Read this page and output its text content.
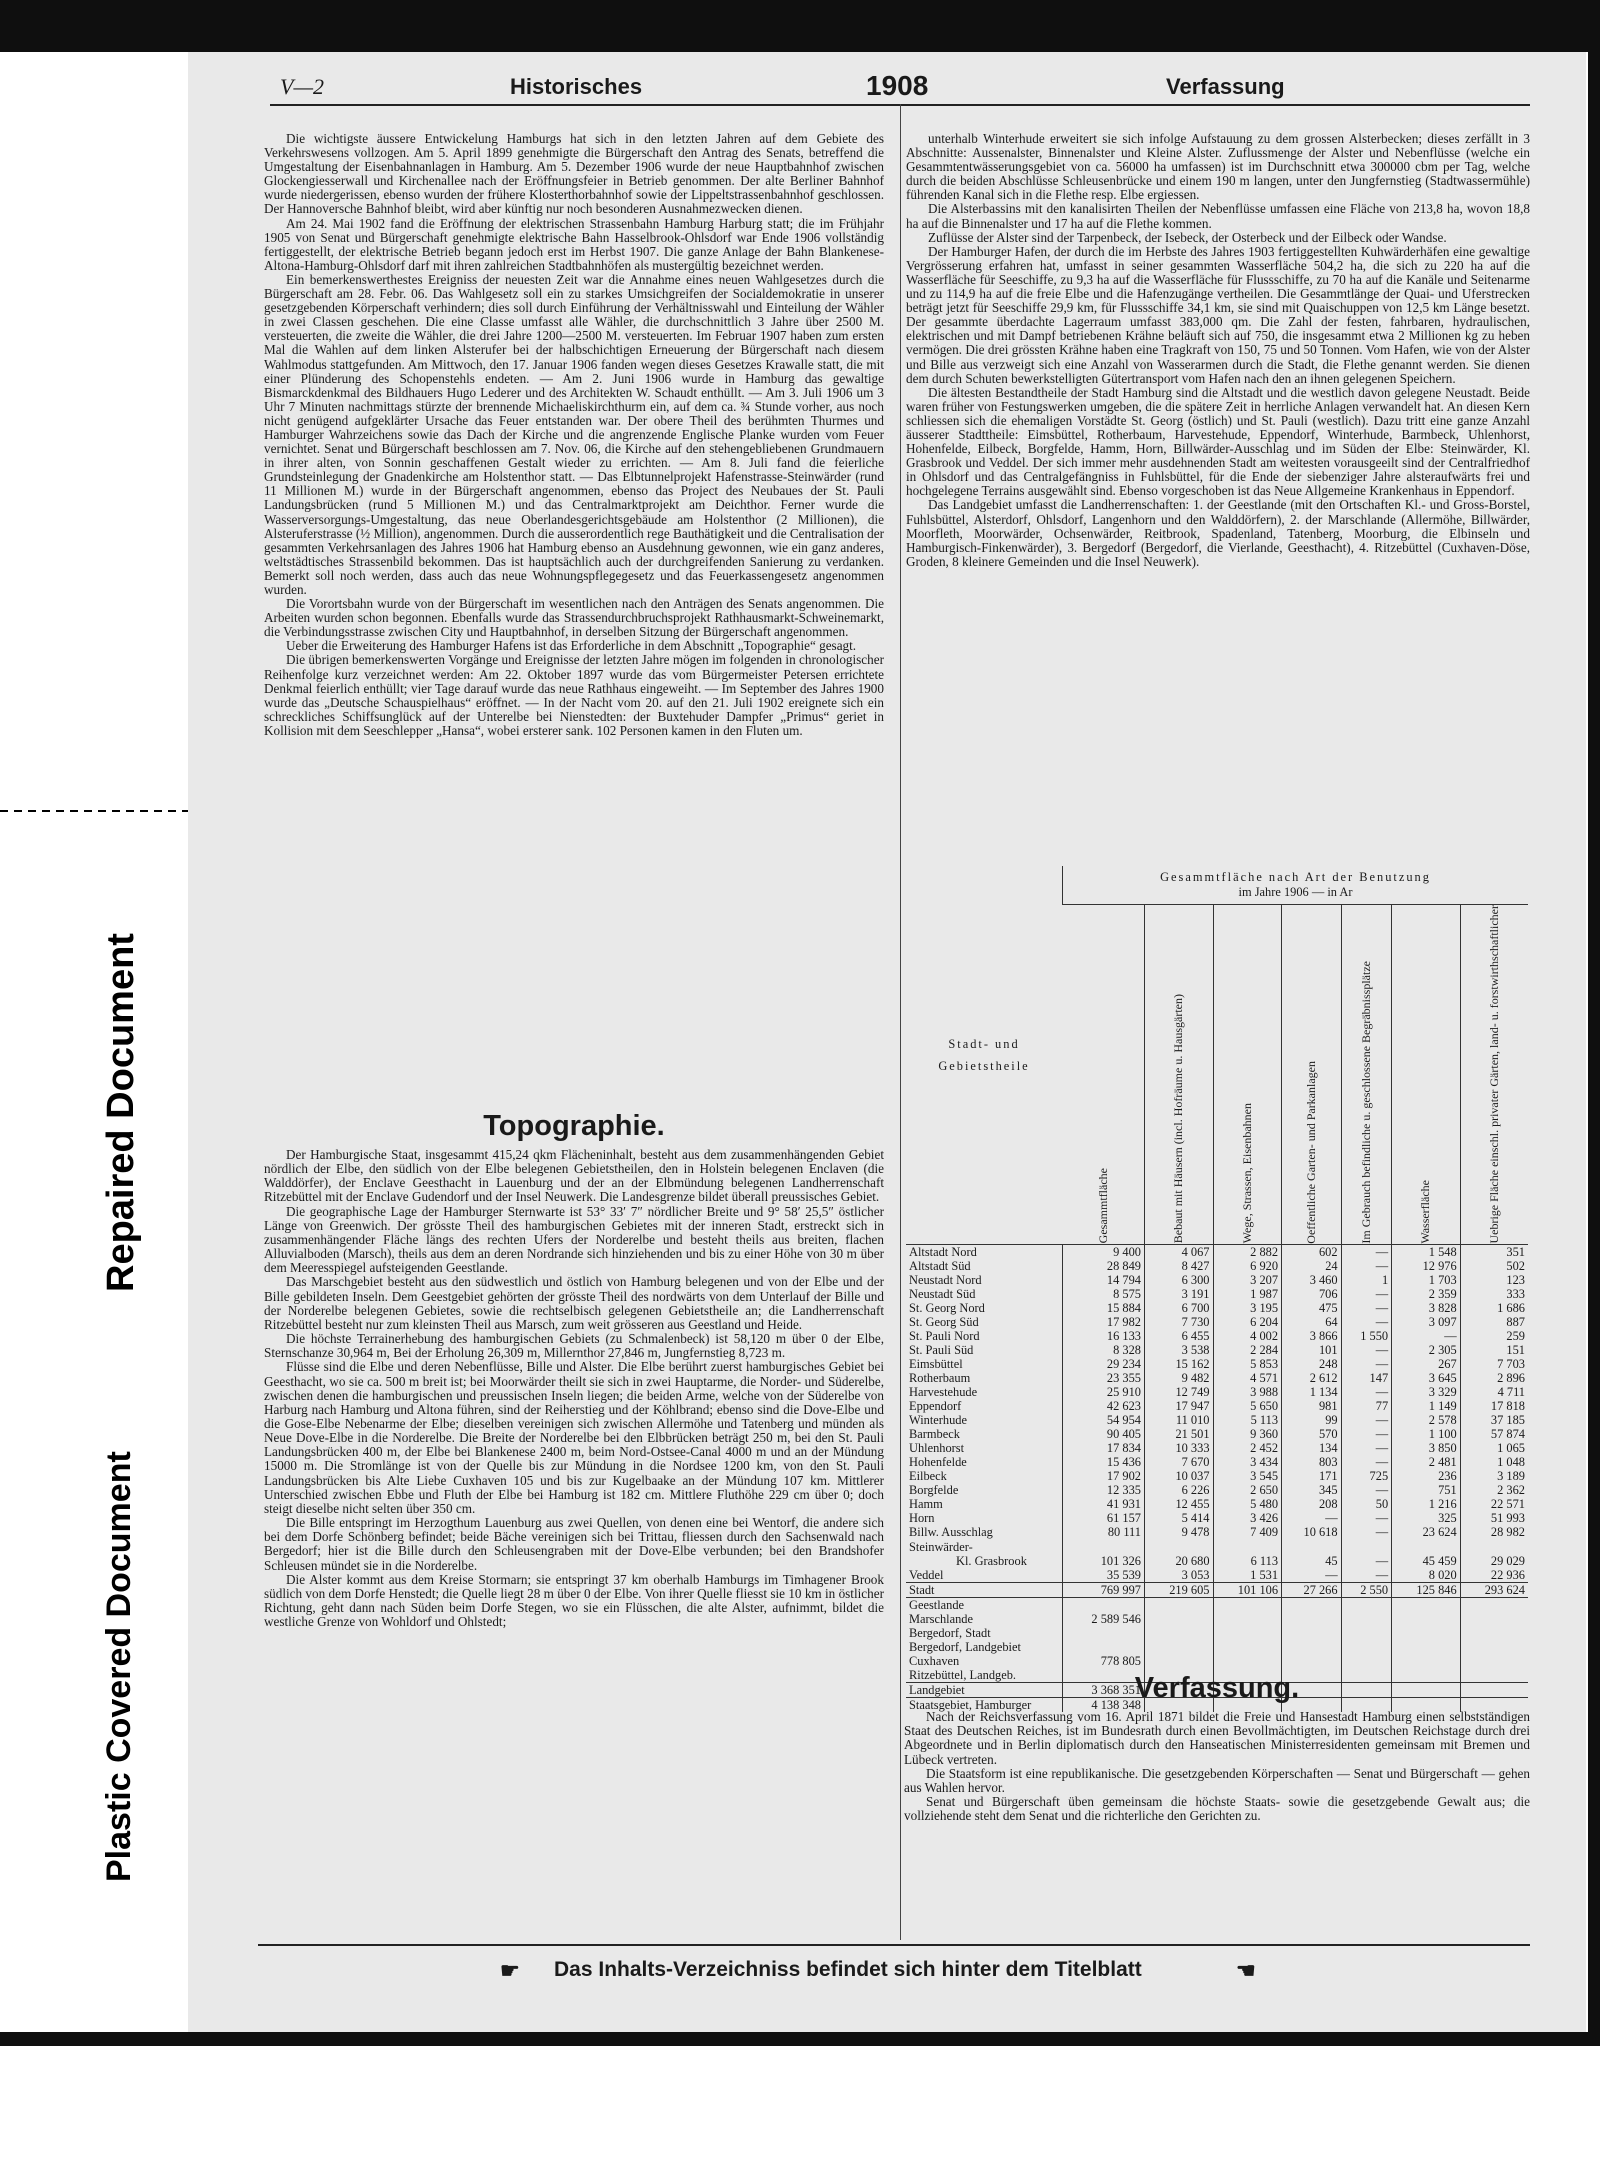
Repaired Document
Plastic Covered Document
V—2	Historisches	1908	Verfassung

Die wichtigste äussere Entwickelung Hamburgs hat sich in den letzten Jahren auf dem Gebiete des Verkehrswesens vollzogen. Am 5. April 1899 genehmigte die Bürgerschaft den Antrag des Senats, betreffend die Umgestaltung der Eisenbahnanlagen in Hamburg. Am 5. Dezember 1906 wurde der neue Hauptbahnhof zwischen Glockengiesserwall und Kirchenallee nach der Eröffnungsfeier in Betrieb genommen. Der alte Berliner Bahnhof wurde niedergerissen, ebenso wurden der frühere Klosterthorbahnhof sowie der Lippeltstrassenbahnhof geschlossen. Der Hannoversche Bahnhof bleibt, wird aber künftig nur noch besonderen Ausnahmezwecken dienen.

Am 24. Mai 1902 fand die Eröffnung der elektrischen Strassenbahn Hamburg Harburg statt; die im Frühjahr 1905 von Senat und Bürgerschaft genehmigte elektrische Bahn Hasselbrook-Ohlsdorf war Ende 1906 vollständig fertiggestellt, der elektrische Betrieb begann jedoch erst im Herbst 1907. Die ganze Anlage der Bahn Blankenese-Altona-Hamburg-Ohlsdorf darf mit ihren zahlreichen Stadtbahnhöfen als mustergültig bezeichnet werden.

Ein bemerkenswerthestes Ereigniss der neuesten Zeit war die Annahme eines neuen Wahlgesetzes durch die Bürgerschaft am 28. Febr. 06. Das Wahlgesetz soll ein zu starkes Umsichgreifen der Socialdemokratie in unserer gesetzgebenden Körperschaft verhindern; dies soll durch Einführung der Verhältnisswahl und Einteilung der Wähler in zwei Classen geschehen. Die eine Classe umfasst alle Wähler, die durchschnittlich 3 Jahre über 2500 M. versteuerten, die zweite die Wähler, die drei Jahre 1200—2500 M. versteuerten. Im Februar 1907 haben zum ersten Mal die Wahlen auf dem linken Alsterufer bei der halbschichtigen Erneuerung der Bürgerschaft nach diesem Wahlmodus stattgefunden. Am Mittwoch, den 17. Januar 1906 fanden wegen dieses Gesetzes Krawalle statt, die mit einer Plünderung des Schopenstehls endeten. — Am 2. Juni 1906 wurde in Hamburg das gewaltige Bismarckdenkmal des Bildhauers Hugo Lederer und des Architekten W. Schaudt enthüllt. — Am 3. Juli 1906 um 3 Uhr 7 Minuten nachmittags stürzte der brennende Michaeliskirchthurm ein, auf dem ca. ¾ Stunde vorher, aus noch nicht genügend aufgeklärter Ursache das Feuer entstanden war. Der obere Theil des berühmten Thurmes und Hamburger Wahrzeichens sowie das Dach der Kirche und die angrenzende Englische Planke wurden vom Feuer vernichtet. Senat und Bürgerschaft beschlossen am 7. Nov. 06, die Kirche auf den stehengebliebenen Grundmauern in ihrer alten, von Sonnin geschaffenen Gestalt wieder zu errichten. — Am 8. Juli fand die feierliche Grundsteinlegung der Gnadenkirche am Holstenthor statt. — Das Elbtunnelprojekt Hafenstrasse-Steinwärder (rund 11 Millionen M.) wurde in der Bürgerschaft angenommen, ebenso das Project des Neubaues der St. Pauli Landungsbrücken (rund 5 Millionen M.) und das Centralmarktprojekt am Deichthor. Ferner wurde die Wasserversorgungs-Umgestaltung, das neue Oberlandesgerichtsgebäude am Holstenthor (2 Millionen), die Alsteruferstrasse (½ Million), angenommen. Durch die ausserordentlich rege Bauthätigkeit und die Centralisation der gesammten Verkehrsanlagen des Jahres 1906 hat Hamburg ebenso an Ausdehnung gewonnen, wie ein ganz anderes, weltstädtisches Strassenbild bekommen. Das ist hauptsächlich auch der durchgreifenden Sanierung zu verdanken. Bemerkt soll noch werden, dass auch das neue Wohnungspflegegesetz und das Feuerkassengesetz angenommen wurden.

Die Vorortsbahn wurde von der Bürgerschaft im wesentlichen nach den Anträgen des Senats angenommen. Die Arbeiten wurden schon begonnen. Ebenfalls wurde das Strassendurchbruchsprojekt Rathhausmarkt-Schweinemarkt, die Verbindungsstrasse zwischen City und Hauptbahnhof, in derselben Sitzung der Bürgerschaft angenommen.

Ueber die Erweiterung des Hamburger Hafens ist das Erforderliche in dem Abschnitt „Topographie“ gesagt.

Die übrigen bemerkenswerten Vorgänge und Ereignisse der letzten Jahre mögen im folgenden in chronologischer Reihenfolge kurz verzeichnet werden: Am 22. Oktober 1897 wurde das vom Bürgermeister Petersen errichtete Denkmal feierlich enthüllt; vier Tage darauf wurde das neue Rathhaus eingeweiht. — Im September des Jahres 1900 wurde das „Deutsche Schauspielhaus“ eröffnet. — In der Nacht vom 20. auf den 21. Juli 1902 ereignete sich ein schreckliches Schiffsunglück auf der Unterelbe bei Nienstedten: der Buxtehuder Dampfer „Primus“ geriet in Kollision mit dem Seeschlepper „Hansa“, wobei ersterer sank. 102 Personen kamen in den Fluten um.

Topographie.

Der Hamburgische Staat, insgesammt 415,24 qkm Flächeninhalt, besteht aus dem zusammenhängenden Gebiet nördlich der Elbe, den südlich von der Elbe belegenen Gebietstheilen, den in Holstein belegenen Enclaven (die Walddörfer), der Enclave Geesthacht in Lauenburg und der an der Elbmündung belegenen Landherrenschaft Ritzebüttel mit der Enclave Gudendorf und der Insel Neuwerk. Die Landesgrenze bildet überall preussisches Gebiet.

Die geographische Lage der Hamburger Sternwarte ist 53° 33′ 7″ nördlicher Breite und 9° 58′ 25,5″ östlicher Länge von Greenwich. Der grösste Theil des hamburgischen Gebietes mit der inneren Stadt, erstreckt sich in zusammenhängender Fläche längs des rechten Ufers der Norderelbe und besteht theils aus breiten, flachen Alluvialboden (Marsch), theils aus dem an deren Nordrande sich hinziehenden und bis zu einer Höhe von 30 m über dem Meeresspiegel aufsteigenden Geestlande.

Das Marschgebiet besteht aus den südwestlich und östlich von Hamburg belegenen und von der Elbe und der Bille gebildeten Inseln. Dem Geestgebiet gehörten der grösste Theil des nordwärts von dem Unterlauf der Bille und der Norderelbe belegenen Gebietes, sowie die rechtselbisch gelegenen Gebietstheile an; die Landherrenschaft Ritzebüttel besteht nur zum kleinsten Theil aus Marsch, zum weit grösseren aus Geestland und Heide.

Die höchste Terrainerhebung des hamburgischen Gebiets (zu Schmalenbeck) ist 58,120 m über 0 der Elbe, Sternschanze 30,964 m, Bei der Erholung 26,309 m, Millernthor 27,846 m, Jungfernstieg 8,723 m.

Flüsse sind die Elbe und deren Nebenflüsse, Bille und Alster. Die Elbe berührt zuerst hamburgisches Gebiet bei Geesthacht, wo sie ca. 500 m breit ist; bei Moorwärder theilt sie sich in zwei Hauptarme, die Norder- und Süderelbe, zwischen denen die hamburgischen und preussischen Inseln liegen; die beiden Arme, welche von der Süderelbe von Harburg nach Hamburg und Altona führen, sind der Reiherstieg und der Köhlbrand; ebenso sind die Dove-Elbe und die Gose-Elbe Nebenarme der Elbe; dieselben vereinigen sich zwischen Allermöhe und Tatenberg und münden als Neue Dove-Elbe in die Norderelbe. Die Breite der Norderelbe bei den Elbbrücken beträgt 250 m, bei den St. Pauli Landungsbrücken 400 m, der Elbe bei Blankenese 2400 m, beim Nord-Ostsee-Canal 4000 m und an der Mündung 15000 m. Die Stromlänge ist von der Quelle bis zur Mündung in die Nordsee 1200 km, von den St. Pauli Landungsbrücken bis Alte Liebe Cuxhaven 105 und bis zur Kugelbaake an der Mündung 107 km. Mittlerer Unterschied zwischen Ebbe und Fluth der Elbe bei Hamburg ist 182 cm. Mittlere Fluthöhe 229 cm über 0; doch steigt dieselbe nicht selten über 350 cm.

Die Bille entspringt im Herzogthum Lauenburg aus zwei Quellen, von denen eine bei Wentorf, die andere sich bei dem Dorfe Schönberg befindet; beide Bäche vereinigen sich bei Trittau, fliessen durch den Sachsenwald nach Bergedorf; hier ist die Bille durch den Schleusengraben mit der Dove-Elbe verbunden; bei den Brandshofer Schleusen mündet sie in die Norderelbe.

Die Alster kommt aus dem Kreise Stormarn; sie entspringt 37 km oberhalb Hamburgs im Timhagener Brook südlich von dem Dorfe Henstedt; die Quelle liegt 28 m über 0 der Elbe. Von ihrer Quelle fliesst sie 10 km in östlicher Richtung, geht dann nach Süden beim Dorfe Stegen, wo sie ein Flüsschen, die alte Alster, aufnimmt, bildet die westliche Grenze von Wohldorf und Ohlstedt;

unterhalb Winterhude erweitert sie sich infolge Aufstauung zu dem grossen Alsterbecken; dieses zerfällt in 3 Abschnitte: Aussenalster, Binnenalster und Kleine Alster. Zuflussmenge der Alster und Nebenflüsse (welche ein Gesammtentwässerungsgebiet von ca. 56000 ha umfassen) ist im Durchschnitt etwa 300000 cbm per Tag, welche durch die beiden Abschlüsse Schleusenbrücke und einem 190 m langen, unter den Jungfernstieg (Stadtwassermühle) führenden Kanal sich in die Flethe resp. Elbe ergiessen.

Die Alsterbassins mit den kanalisirten Theilen der Nebenflüsse umfassen eine Fläche von 213,8 ha, wovon 18,8 ha auf die Binnenalster und 17 ha auf die Flethe kommen.

Zuflüsse der Alster sind der Tarpenbeck, der Isebeck, der Osterbeck und der Eilbeck oder Wandse.

Der Hamburger Hafen, der durch die im Herbste des Jahres 1903 fertiggestellten Kuhwärderhäfen eine gewaltige Vergrösserung erfahren hat, umfasst in seiner gesammten Wasserfläche 504,2 ha, die sich zu 220 ha auf die Wasserfläche für Seeschiffe, zu 9,3 ha auf die Wasserfläche für Flussschiffe, zu 70 ha auf die Kanäle und Seitenarme und zu 114,9 ha auf die freie Elbe und die Hafenzugänge vertheilen. Die Gesammtlänge der Quai- und Uferstrecken beträgt jetzt für Seeschiffe 29,9 km, für Flussschiffe 34,1 km, sie sind mit Quaischuppen von 12,5 km Länge besetzt. Der gesammte überdachte Lagerraum umfasst 383,000 qm. Die Zahl der festen, fahrbaren, hydraulischen, elektrischen und mit Dampf betriebenen Krähne beläuft sich auf 750, die insgesammt etwa 2 Millionen kg zu heben vermögen. Die drei grössten Krähne haben eine Tragkraft von 150, 75 und 50 Tonnen. Vom Hafen, wie von der Alster und Bille aus verzweigt sich eine Anzahl von Wasserarmen durch die Stadt, die Flethe genannt werden. Sie dienen dem durch Schuten bewerkstelligten Gütertransport vom Hafen nach den an ihnen gelegenen Speichern.

Die ältesten Bestandtheile der Stadt Hamburg sind die Altstadt und die westlich davon gelegene Neustadt. Beide waren früher von Festungswerken umgeben, die die spätere Zeit in herrliche Anlagen verwandelt hat. An diesen Kern schliessen sich die ehemaligen Vorstädte St. Georg (östlich) und St. Pauli (westlich). Dazu tritt eine ganze Anzahl äusserer Stadttheile: Eimsbüttel, Rotherbaum, Harvestehude, Eppendorf, Winterhude, Barmbeck, Uhlenhorst, Hohenfelde, Eilbeck, Borgfelde, Hamm, Horn, Billwärder-Ausschlag und im Süden der Elbe: Steinwärder, Kl. Grasbrook und Veddel. Der sich immer mehr ausdehnenden Stadt am weitesten vorausgeeilt sind der Centralfriedhof in Ohlsdorf und das Centralgefängniss in Fuhlsbüttel, für die Ende der siebenziger Jahre alsteraufwärts frei und hochgelegene Terrains ausgewählt sind. Ebenso vorgeschoben ist das Neue Allgemeine Krankenhaus in Eppendorf.

Das Landgebiet umfasst die Landherrenschaften: 1. der Geestlande (mit den Ortschaften Kl.- und Gross-Borstel, Fuhlsbüttel, Alsterdorf, Ohlsdorf, Langenhorn und den Walddörfern), 2. der Marschlande (Allermöhe, Billwärder, Moorfleth, Moorwärder, Ochsenwärder, Reitbrook, Spadenland, Tatenberg, Moorburg, die Elbinseln und Hamburgisch-Finkenwärder), 3. Bergedorf (Bergedorf, die Vierlande, Geesthacht), 4. Ritzebüttel (Cuxhaven-Döse, Groden, 8 kleinere Gemeinden und die Insel Neuwerk).

Stadt- und Gebietstheile	Gesammtfläche nach Art der Benutzung
im Jahre 1906 — in Ar						

	Gesammtfläche	Bebaut mit Häusern (incl. Hofräume u. Hausgärten)	Wege, Strassen, Eisenbahnen	Oeffentliche Garten- und Parkanlagen	Im Gebrauch befindliche u. geschlossene Begräbnissplätze	Wasserfläche	Uebrige Fläche einschl. privater Gärten, land- u. forstwirthschaftlicher

Altstadt Nord	9 400	4 067	2 882	602	—	1 548	351
Altstadt Süd	28 849	8 427	6 920	24	—	12 976	502
Neustadt Nord	14 794	6 300	3 207	3 460	1	1 703	123
Neustadt Süd	8 575	3 191	1 987	706	—	2 359	333
St. Georg Nord	15 884	6 700	3 195	475	—	3 828	1 686
St. Georg Süd	17 982	7 730	6 204	64	—	3 097	887
St. Pauli Nord	16 133	6 455	4 002	3 866	1 550	—	259
St. Pauli Süd	8 328	3 538	2 284	101	—	2 305	151
Eimsbüttel	29 234	15 162	5 853	248	—	267	7 703
Rotherbaum	23 355	9 482	4 571	2 612	147	3 645	2 896
Harvestehude	25 910	12 749	3 988	1 134	—	3 329	4 711
Eppendorf	42 623	17 947	5 650	981	77	1 149	17 818
Winterhude	54 954	11 010	5 113	99	—	2 578	37 185
Barmbeck	90 405	21 501	9 360	570	—	1 100	57 874
Uhlenhorst	17 834	10 333	2 452	134	—	3 850	1 065
Hohenfelde	15 436	7 670	3 434	803	—	2 481	1 048
Eilbeck	17 902	10 037	3 545	171	725	236	3 189
Borgfelde	12 335	6 226	2 650	345	—	751	2 362
Hamm	41 931	12 455	5 480	208	50	1 216	22 571
Horn	61 157	5 414	3 426	—	—	325	51 993
Billw. Ausschlag	80 111	9 478	7 409	10 618	—	23 624	28 982
Steinwärder-							
Kl. Grasbrook	101 326	20 680	6 113	45	—	45 459	29 029
Veddel	35 539	3 053	1 531	—	—	8 020	22 936
Stadt	769 997	219 605	101 106	27 266	2 550	125 846	293 624
Geestlande							
Marschlande	2 589 546						
Bergedorf, Stadt							
Bergedorf, Landgebiet							
Cuxhaven	778 805						
Ritzebüttel, Landgeb.							
Landgebiet	3 368 351						
Staatsgebiet, Hamburger	4 138 348						
Verfassung.

Nach der Reichsverfassung vom 16. April 1871 bildet die Freie und Hansestadt Hamburg einen selbstständigen Staat des Deutschen Reiches, ist im Bundesrath durch einen Bevollmächtigten, im Deutschen Reichstage durch drei Abgeordnete und in Berlin diplomatisch durch den Hanseatischen Ministerresidenten gemeinsam mit Bremen und Lübeck vertreten.

Die Staatsform ist eine republikanische. Die gesetzgebenden Körperschaften — Senat und Bürgerschaft — gehen aus Wahlen hervor.

Senat und Bürgerschaft üben gemeinsam die höchste Staats- sowie die gesetzgebende Gewalt aus; die vollziehende steht dem Senat und die richterliche den Gerichten zu.

☛ Das Inhalts-Verzeichniss befindet sich hinter dem Titelblatt	☚
